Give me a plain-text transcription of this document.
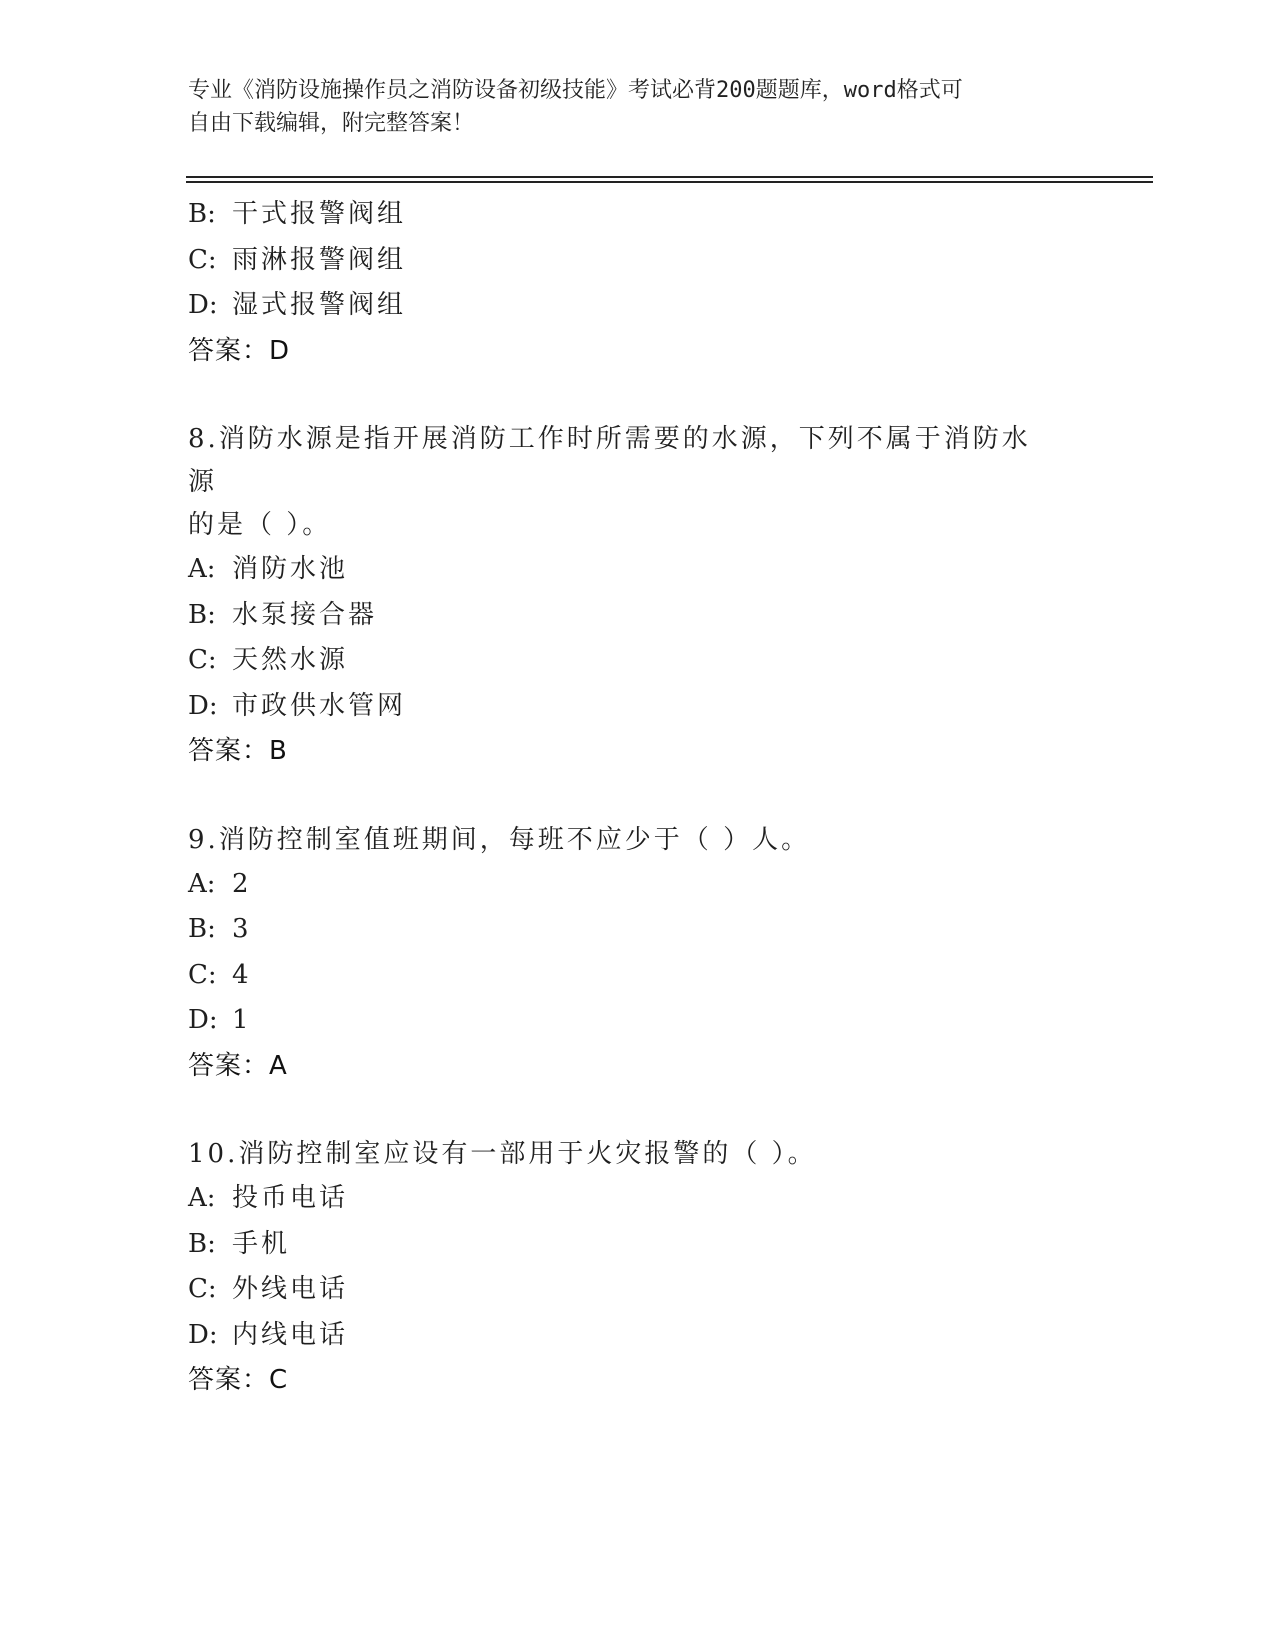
专业《消防设施操作员之消防设备初级技能》考试必背200题题库，word格式可
自由下载编辑，附完整答案！
B: 干式报警阀组
C: 雨淋报警阀组
D: 湿式报警阀组
答案：D
8.消防水源是指开展消防工作时所需要的水源，下列不属于消防水源
的是（ ）。
A: 消防水池
B: 水泵接合器
C: 天然水源
D: 市政供水管网
答案：B
9.消防控制室值班期间，每班不应少于（ ）人。
A: 2
B: 3
C: 4
D: 1
答案：A
10.消防控制室应设有一部用于火灾报警的（ ）。
A: 投币电话
B: 手机
C: 外线电话
D: 内线电话
答案：C
